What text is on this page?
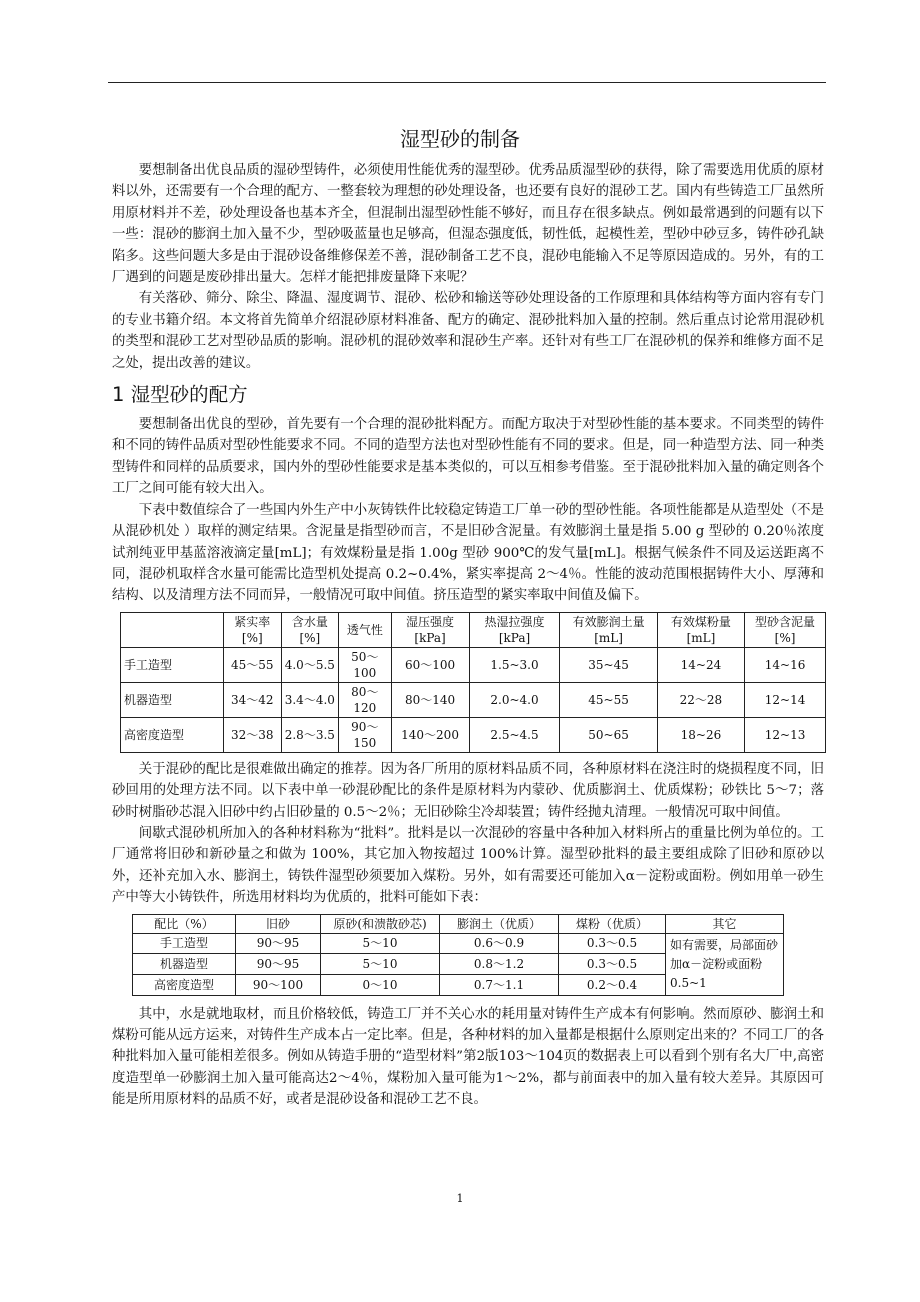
湿型砂的制备

要想制备出优良品质的湿砂型铸件，必须使用性能优秀的湿型砂。优秀品质湿型砂的获得，除了需要选用优质的原材料以外，还需要有一个合理的配方、一整套较为理想的砂处理设备，也还要有良好的混砂工艺。国内有些铸造工厂虽然所用原材料并不差，砂处理设备也基本齐全，但混制出湿型砂性能不够好，而且存在很多缺点。例如最常遇到的问题有以下一些：混砂的膨润土加入量不少，型砂吸蓝量也足够高，但湿态强度低，韧性低，起模性差，型砂中砂豆多，铸件砂孔缺陷多。这些问题大多是由于混砂设备维修保差不善，混砂制备工艺不良，混砂电能输入不足等原因造成的。另外，有的工厂遇到的问题是废砂排出量大。怎样才能把排废量降下来呢？

有关落砂、筛分、除尘、降温、湿度调节、混砂、松砂和输送等砂处理设备的工作原理和具体结构等方面内容有专门的专业书籍介绍。本文将首先简单介绍混砂原材料准备、配方的确定、混砂批料加入量的控制。然后重点讨论常用混砂机的类型和混砂工艺对型砂品质的影响。混砂机的混砂效率和混砂生产率。还针对有些工厂在混砂机的保养和维修方面不足之处，提出改善的建议。

1 湿型砂的配方

要想制备出优良的型砂，首先要有一个合理的混砂批料配方。而配方取决于对型砂性能的基本要求。不同类型的铸件和不同的铸件品质对型砂性能要求不同。不同的造型方法也对型砂性能有不同的要求。但是，同一种造型方法、同一种类型铸件和同样的品质要求，国内外的型砂性能要求是基本类似的，可以互相参考借鉴。至于混砂批料加入量的确定则各个工厂之间可能有较大出入。

下表中数值综合了一些国内外生产中小灰铸铁件比较稳定铸造工厂单一砂的型砂性能。各项性能都是从造型处（不是从混砂机处 ）取样的测定结果。含泥量是指型砂而言，不是旧砂含泥量。有效膨润土量是指 5.00 g 型砂的 0.20％浓度试剂纯亚甲基蓝溶液滴定量[mL]；有效煤粉量是指 1.00g 型砂 900℃的发气量[mL]。根据气候条件不同及运送距离不同，混砂机取样含水量可能需比造型机处提高 0.2~0.4%，紧实率提高 2～4％。性能的波动范围根据铸件大小、厚薄和结构、以及清理方法不同而异，一般情况可取中间值。挤压造型的紧实率取中间值及偏下。

	紧实率[%]	含水量[%]	透气性	湿压强度[kPa]	热湿拉强度[kPa]	有效膨润土量[mL]	有效煤粉量[mL]	型砂含泥量[%]
手工造型	45～55	4.0～5.5	50～100	60～100	1.5~3.0	35~45	14~24	14~16
机器造型	34～42	3.4～4.0	80～120	80～140	2.0~4.0	45~55	22～28	12~14
高密度造型	32～38	2.8～3.5	90～150	140～200	2.5~4.5	50~65	18~26	12~13

关于混砂的配比是很难做出确定的推荐。因为各厂所用的原材料品质不同，各种原材料在浇注时的烧损程度不同，旧砂回用的处理方法不同。以下表中单一砂混砂配比的条件是原材料为内蒙砂、优质膨润土、优质煤粉；砂铁比 5～7；落砂时树脂砂芯混入旧砂中约占旧砂量的 0.5～2％；无旧砂除尘冷却装置；铸件经抛丸清理。一般情况可取中间值。

间歇式混砂机所加入的各种材料称为“批料”。批料是以一次混砂的容量中各种加入材料所占的重量比例为单位的。工厂通常将旧砂和新砂量之和做为 100%，其它加入物按超过 100%计算。湿型砂批料的最主要组成除了旧砂和原砂以外，还补充加入水、膨润土，铸铁件湿型砂须要加入煤粉。另外，如有需要还可能加入α－淀粉或面粉。例如用单一砂生产中等大小铸铁件，所选用材料均为优质的，批料可能如下表：

配比（%）	旧砂	原砂(和溃散砂芯)	膨润土（优质）	煤粉（优质）	其它
手工造型	90～95	5～10	0.6～0.9	0.3～0.5	如有需要，局部面砂加α－淀粉或面粉 0.5~1
机器造型	90～95	5～10	0.8～1.2	0.3～0.5	
高密度造型	90～100	0～10	0.7～1.1	0.2～0.4	

其中，水是就地取材，而且价格较低，铸造工厂并不关心水的耗用量对铸件生产成本有何影响。然而原砂、膨润土和煤粉可能从远方运来，对铸件生产成本占一定比率。但是，各种材料的加入量都是根据什么原则定出来的？不同工厂的各种批料加入量可能相差很多。例如从铸造手册的“造型材料”第2版103～104页的数据表上可以看到个别有名大厂中,高密度造型单一砂膨润土加入量可能高达2～4％，煤粉加入量可能为1～2%，都与前面表中的加入量有较大差异。其原因可能是所用原材料的品质不好，或者是混砂设备和混砂工艺不良。

1
